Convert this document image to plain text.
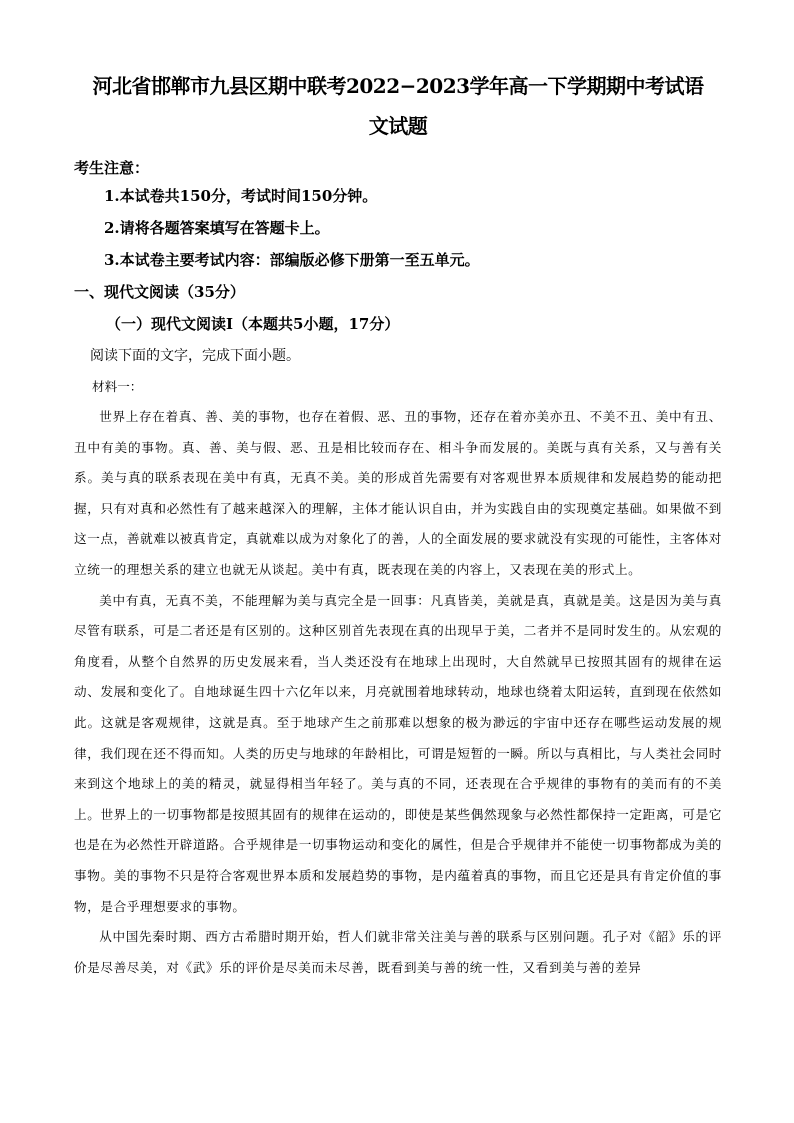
河北省邯郸市九县区期中联考2022−2023学年高一下学期期中考试语
文试题
考生注意：
1.本试卷共150分，考试时间150分钟。
2.请将各题答案填写在答题卡上。
3.本试卷主要考试内容：部编版必修下册第一至五单元。
一、现代文阅读（35分）
（一）现代文阅读Ⅰ（本题共5小题，17分）
阅读下面的文字，完成下面小题。
材料一：

世界上存在着真、善、美的事物，也存在着假、恶、丑的事物，还存在着亦美亦丑、不美不丑、美中有丑、丑中有美的事物。真、善、美与假、恶、丑是相比较而存在、相斗争而发展的。美既与真有关系，又与善有关系。美与真的联系表现在美中有真，无真不美。美的形成首先需要有对客观世界本质规律和发展趋势的能动把握，只有对真和必然性有了越来越深入的理解，主体才能认识自由，并为实践自由的实现奠定基础。如果做不到这一点，善就难以被真肯定，真就难以成为对象化了的善，人的全面发展的要求就没有实现的可能性，主客体对立统一的理想关系的建立也就无从谈起。美中有真，既表现在美的内容上，又表现在美的形式上。

美中有真，无真不美，不能理解为美与真完全是一回事：凡真皆美，美就是真，真就是美。这是因为美与真尽管有联系，可是二者还是有区别的。这种区别首先表现在真的出现早于美，二者并不是同时发生的。从宏观的角度看，从整个自然界的历史发展来看，当人类还没有在地球上出现时，大自然就早已按照其固有的规律在运动、发展和变化了。自地球诞生四十六亿年以来，月亮就围着地球转动，地球也绕着太阳运转，直到现在依然如此。这就是客观规律，这就是真。至于地球产生之前那难以想象的极为渺远的宇宙中还存在哪些运动发展的规律，我们现在还不得而知。人类的历史与地球的年龄相比，可谓是短暂的一瞬。所以与真相比，与人类社会同时来到这个地球上的美的精灵，就显得相当年轻了。美与真的不同，还表现在合乎规律的事物有的美而有的不美上。世界上的一切事物都是按照其固有的规律在运动的，即使是某些偶然现象与必然性都保持一定距离，可是它也是在为必然性开辟道路。合乎规律是一切事物运动和变化的属性，但是合乎规律并不能使一切事物都成为美的事物。美的事物不只是符合客观世界本质和发展趋势的事物，是内蕴着真的事物，而且它还是具有肯定价值的事物，是合乎理想要求的事物。

从中国先秦时期、西方古希腊时期开始，哲人们就非常关注美与善的联系与区别问题。孔子对《韶》乐的评价是尽善尽美，对《武》乐的评价是尽美而未尽善，既看到美与善的统一性，又看到美与善的差异
